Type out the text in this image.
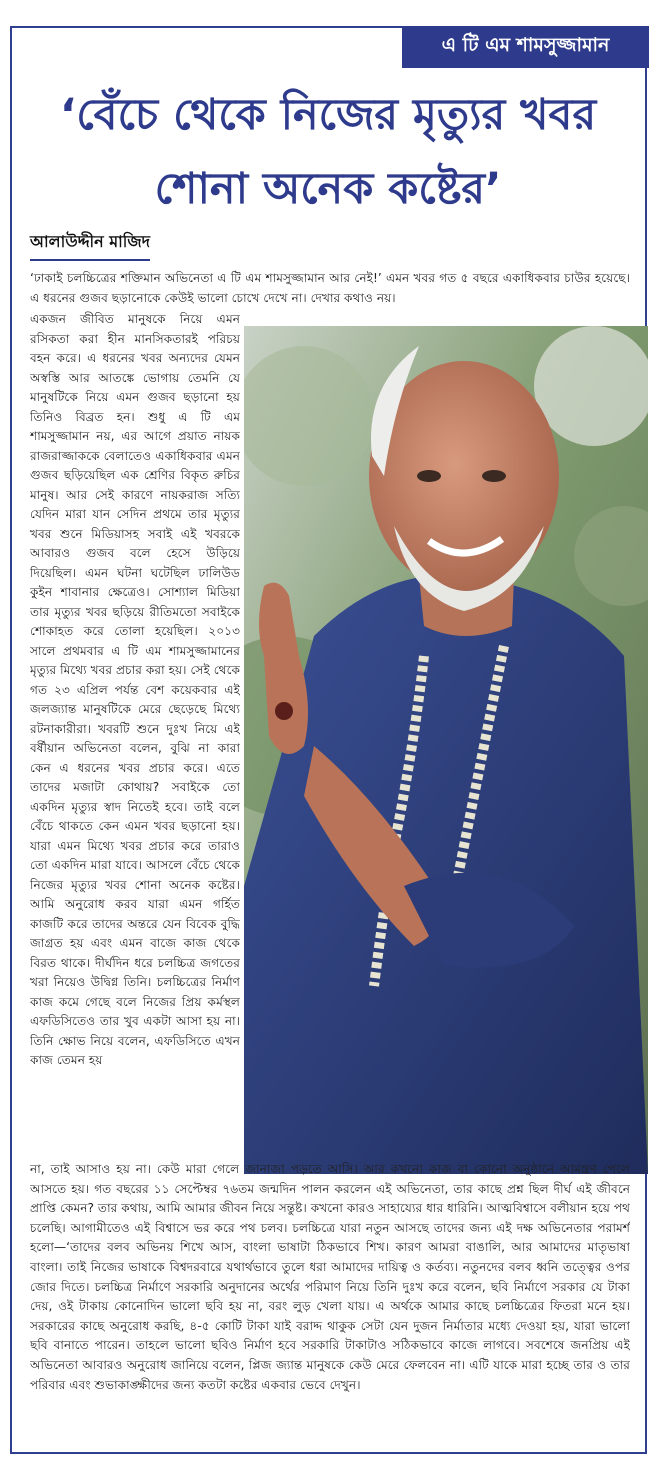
এ টি এম শামসুজ্জামান
‘বেঁচে থেকে নিজের মৃত্যুর খবর শোনা অনেক কষ্টের’
আলাউদ্দীন মাজিদ
‘ঢাকাই চলচ্চিত্রের শক্তিমান অভিনেতা এ টি এম শামসুজ্জামান আর নেই!’ এমন খবর গত ৫ বছরে একাধিকবার চাউর হয়েছে। এ ধরনের গুজব ছড়ানোকে কেউই ভালো চোখে দেখে না। দেখার কথাও নয়।
একজন জীবিত মানুষকে নিয়ে এমন রসিকতা করা হীন মানসিকতারই পরিচয় বহন করে। এ ধরনের খবর অন্যদের যেমন অস্বস্তি আর আতঙ্কে ভোগায় তেমনি যে মানুষটিকে নিয়ে এমন গুজব ছড়ানো হয় তিনিও বিব্রত হন। শুধু এ টি এম শামসুজ্জামান নয়, এর আগে প্রয়াত নায়ক রাজরাজ্জাককে বেলাতেও একাধিকবার এমন গুজব ছড়িয়েছিল এক শ্রেণির বিকৃত রুচির মানুষ। আর সেই কারণে নায়করাজ সত্যি যেদিন মারা যান সেদিন প্রথমে তার মৃত্যুর খবর শুনে মিডিয়াসহ সবাই এই খবরকে আবারও গুজব বলে হেসে উড়িয়ে দিয়েছিল। এমন ঘটনা ঘটেছিল ঢালিউড কুইন শাবানার ক্ষেত্রেও। সোশ্যাল মিডিয়া তার মৃত্যুর খবর ছড়িয়ে রীতিমতো সবাইকে শোকাহত করে তোলা হয়েছিল। ২০১৩ সালে প্রথমবার এ টি এম শামসুজ্জামানের মৃত্যুর মিথ্যে খবর প্রচার করা হয়। সেই থেকে গত ২৩ এপ্রিল পর্যন্ত বেশ কয়েকবার এই জলজ্যান্ত মানুষটিকে মেরে ছেড়েছে মিথ্যে রটনাকারীরা। খবরটি শুনে দুঃখ নিয়ে এই বর্ষীয়ান অভিনেতা বলেন, বুঝি না কারা কেন এ ধরনের খবর প্রচার করে। এতে তাদের মজাটা কোথায়? সবাইকে তো একদিন মৃত্যুর স্বাদ নিতেই হবে। তাই বলে বেঁচে থাকতে কেন এমন খবর ছড়ানো হয়। যারা এমন মিথ্যে খবর প্রচার করে তারাও তো একদিন মারা যাবে। আসলে বেঁচে থেকে নিজের মৃত্যুর খবর শোনা অনেক কষ্টের। আমি অনুরোধ করব যারা এমন গর্হিত কাজটি করে তাদের অন্তরে যেন বিবেক বুদ্ধি জাগ্রত হয় এবং এমন বাজে কাজ থেকে বিরত থাকে। দীর্ঘদিন ধরে চলচ্চিত্র জগতের খরা নিয়েও উদ্বিগ্ন তিনি। চলচ্চিত্রের নির্মাণ কাজ কমে গেছে বলে নিজের প্রিয় কর্মস্থল এফডিসিতেও তার খুব একটা আসা হয় না। তিনি ক্ষোভ নিয়ে বলেন, এফডিসিতে এখন কাজ তেমন হয়
না, তাই আসাও হয় না। কেউ মারা গেলে জানাজা পড়তে আসি। আর কখনো কাজ বা কোনো অনুষ্ঠানে আমন্ত্রণ পেলে আসতে হয়। গত বছরের ১১ সেপ্টেম্বর ৭৬তম জন্মদিন পালন করলেন এই অভিনেতা, তার কাছে প্রশ্ন ছিল দীর্ঘ এই জীবনে প্রাপ্তি কেমন? তার কথায়, আমি আমার জীবন নিয়ে সন্তুষ্ট। কখনো কারও সাহায্যের ধার ধারিনি। আত্মবিশ্বাসে বলীয়ান হয়ে পথ চলেছি। আগামীতেও এই বিশ্বাসে ভর করে পথ চলব। চলচ্চিত্রে যারা নতুন আসছে তাদের জন্য এই দক্ষ অভিনেতার পরামর্শ হলো—‘তাদের বলব অভিনয় শিখে আস, বাংলা ভাষাটা ঠিকভাবে শিখ। কারণ আমরা বাঙালি, আর আমাদের মাতৃভাষা বাংলা। তাই নিজের ভাষাকে বিশ্বদরবারে যথার্থভাবে তুলে ধরা আমাদের দায়িত্ব ও কর্তব্য। নতুনদের বলব ধ্বনি তত্ত্বের ওপর জোর দিতে। চলচ্চিত্র নির্মাণে সরকারি অনুদানের অর্থের পরিমাণ নিয়ে তিনি দুঃখ করে বলেন, ছবি নির্মাণে সরকার যে টাকা দেয়, ওই টাকায় কোনোদিন ভালো ছবি হয় না, বরং লুড় খেলা যায়। এ অর্থকে আমার কাছে চলচ্চিত্রের ফিতরা মনে হয়। সরকারের কাছে অনুরোধ করছি, ৪-৫ কোটি টাকা যাই বরাদ্দ থাকুক সেটা যেন দুজন নির্মাতার মধ্যে দেওয়া হয়, যারা ভালো ছবি বানাতে পারেন। তাহলে ভালো ছবিও নির্মাণ হবে সরকারি টাকাটাও সঠিকভাবে কাজে লাগবে। সবশেষে জনপ্রিয় এই অভিনেতা আবারও অনুরোধ জানিয়ে বলেন, প্লিজ জ্যান্ত মানুষকে কেউ মেরে ফেলবেন না। এটি যাকে মারা হচ্ছে তার ও তার পরিবার এবং শুভাকাঙ্ক্ষীদের জন্য কতটা কষ্টের একবার ভেবে দেখুন।
